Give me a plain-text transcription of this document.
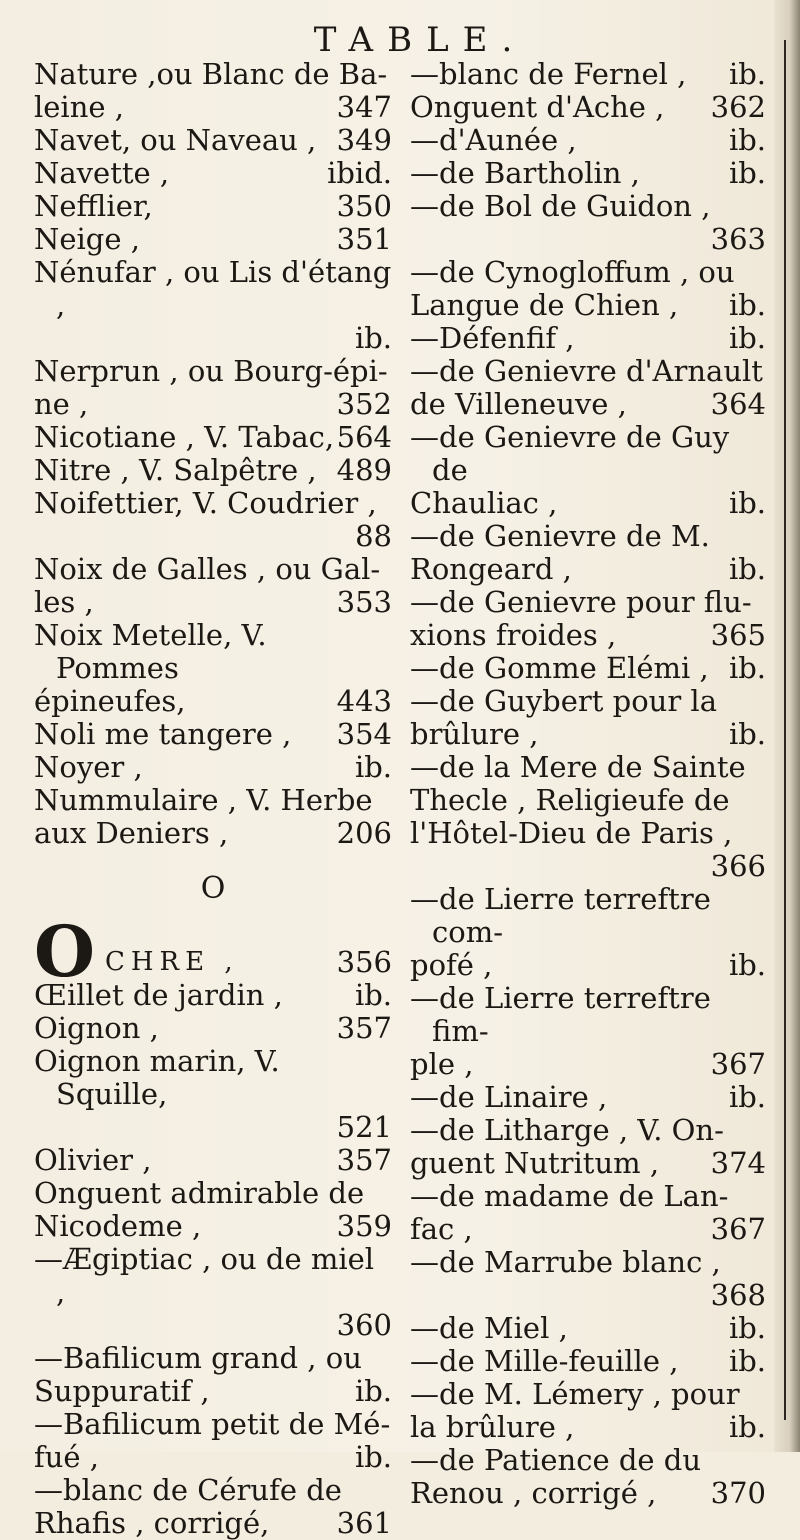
TABLE.
Nature ,ou Blanc de Ba-
347
leine ,
349
Navet, ou Naveau ,
ibid.
Navette ,
350
Nefflier,
351
Neige ,
Nénufar , ou Lis d'étang ,
ib.

Nerprun , ou Bourg-épi-
352
ne ,
564
Nicotiane , V. Tabac,
489
Nitre , V. Salpêtre ,
Noifettier, V. Coudrier ,
88

Noix de Galles , ou Gal-
353
les ,
Noix Metelle, V. Pommes
443
épineufes,
354
Noli me tangere ,
ib.
Noyer ,
Nummulaire , V. Herbe
206
aux Deniers ,
O
O CHRE ,	356
ib.
Œillet de jardin ,
357
Oignon ,
Oignon marin, V. Squille,
521

357
Olivier ,
Onguent admirable de
359
Nicodeme ,
—Ægiptiac , ou de miel ,
360

—Bafilicum grand , ou
ib.
Suppuratif ,
—Bafilicum petit de Mé-
ib.
fué ,
—blanc de Cérufe de
361
Rhafis , corrigé,
ib.
—blanc de Fernel ,
362
Onguent d'Ache ,
ib.
—d'Aunée ,
ib.
—de Bartholin ,
—de Bol de Guidon ,
363

—de Cynogloffum , ou
ib.
Langue de Chien ,
ib.
—Défenfif ,
—de Genievre d'Arnault
364
de Villeneuve ,
—de Genievre de Guy de
ib.
Chauliac ,
—de Genievre de M.
ib.
Rongeard ,
—de Genievre pour flu-
365
xions froides ,
ib.
—de Gomme Elémi ,
—de Guybert pour la
ib.
brûlure ,
—de la Mere de Sainte
Thecle , Religieufe de
l'Hôtel-Dieu de Paris ,
366

—de Lierre terreftre com-
ib.
pofé ,
—de Lierre terreftre fim-
367
ple ,
ib.
—de Linaire ,
—de Litharge , V. On-
374
guent Nutritum ,
—de madame de Lan-
367
fac ,
—de Marrube blanc ,
368

ib.
—de Miel ,
ib.
—de Mille-feuille ,
—de M. Lémery , pour
ib.
la brûlure ,
—de Patience de du
370
Renou , corrigé ,
